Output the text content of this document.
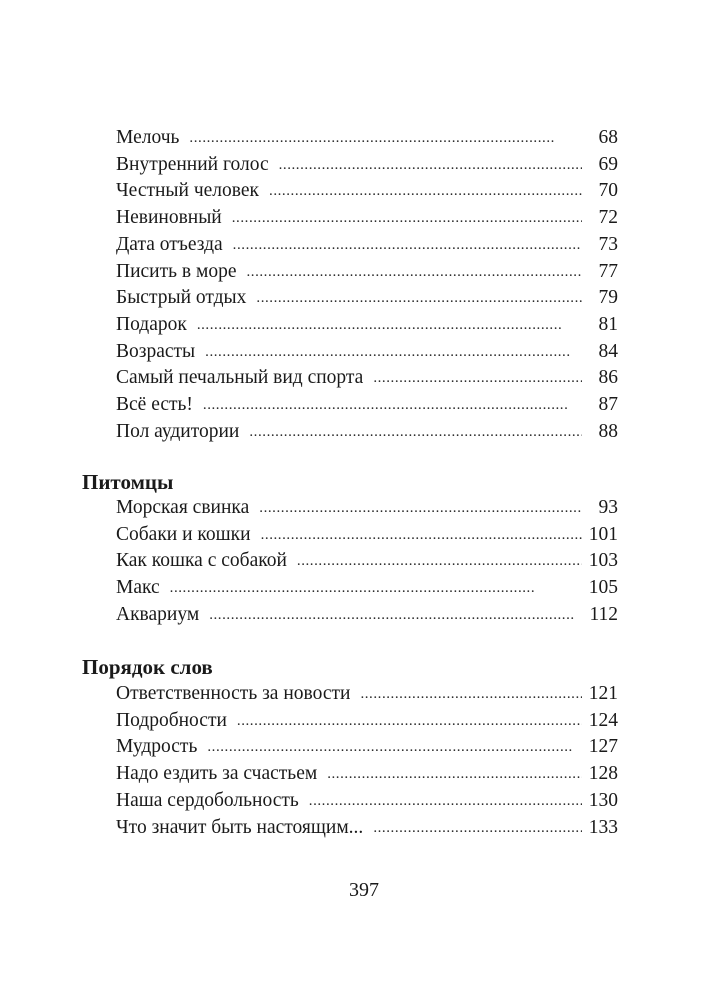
Мелочь . . .	68
Внутренний голос . . .	69
Честный человек . . .	70
Невиновный . . .	72
Дата отъезда . . .	73
Писить в море . . .	77
Быстрый отдых . . .	79
Подарок . . .	81
Возрасты . . .	84
Самый печальный вид спорта . . .	86
Всё есть! . . .	87
Пол аудитории . . .	88
Питомцы
Морская свинка . . .	93
Собаки и кошки . . .	101
Как кошка с собакой . . .	103
Макс . . .	105
Аквариум . . .	112
Порядок слов
Ответственность за новости . . .	121
Подробности . . .	124
Мудрость . . .	127
Надо ездить за счастьем . . .	128
Наша сердобольность . . .	130
Что значит быть настоящим... . . .	133
397
